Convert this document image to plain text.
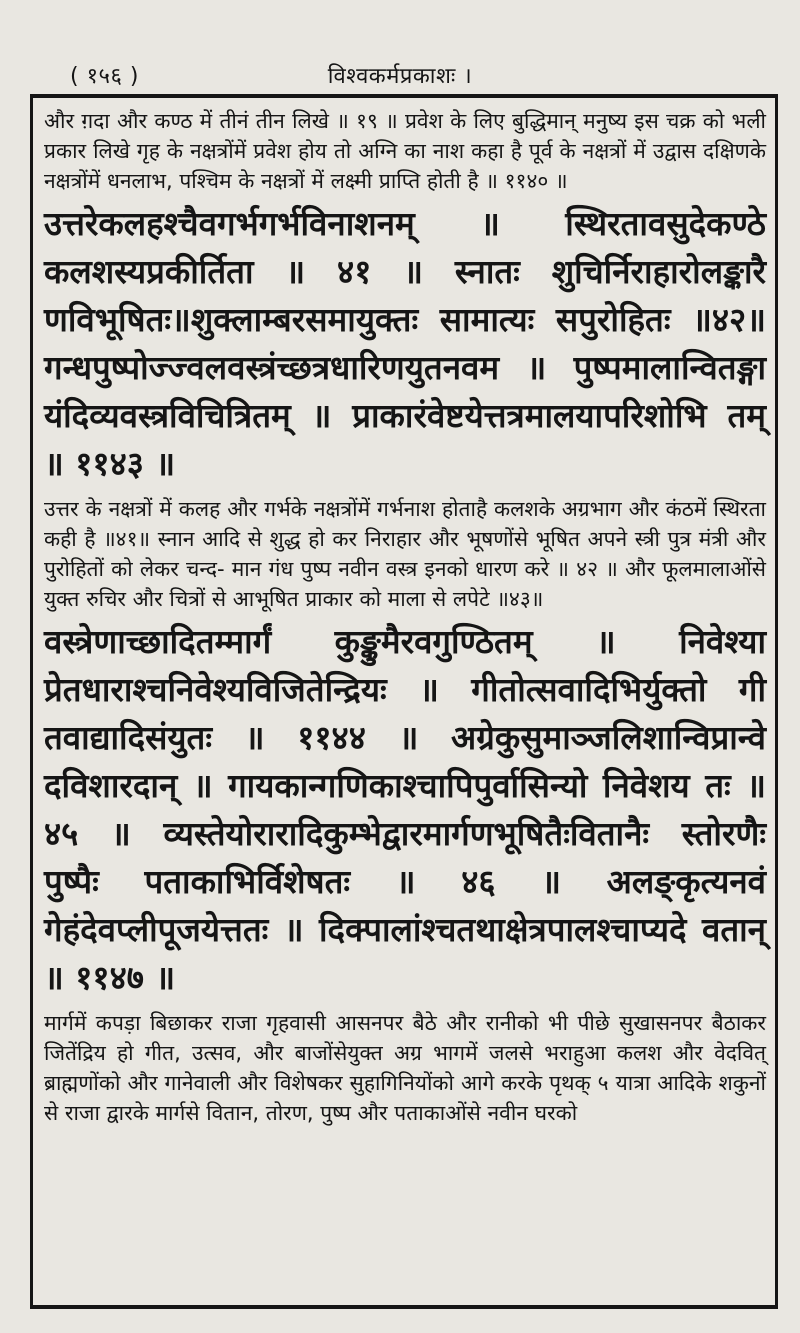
( १५६ )	विश्वकर्मप्रकाशः ।

और ग़दा और कण्ठ में तीनं तीन लिखे ॥ १९ ॥ प्रवेश के लिए बुद्धिमान् मनुष्य इस चक्र को भली प्रकार लिखे गृह के नक्षत्रोंमें प्रवेश होय तो अग्नि का नाश कहा है पूर्व के नक्षत्रों में उद्वास दक्षिणके नक्षत्रोंमें धनलाभ, पश्चिम के नक्षत्रों में लक्ष्मी प्राप्ति होती है ॥ ११४० ॥

उत्तरेकलहश्चैवगर्भगर्भविनाशनम् ॥ स्थिरतावसुदेकण्ठे कलशस्यप्रकीर्तिता ॥ ४१ ॥ स्नातः शुचिर्निराहारोलङ्कारै णविभूषितः॥शुक्लाम्बरसमायुक्तः सामात्यः सपुरोहितः ॥४२॥ गन्धपुष्पोज्ज्वलवस्त्रंच्छत्रधारिणयुतनवम ॥ पुष्पमालान्वितङ्गा यंदिव्यवस्त्रविचित्रितम् ॥ प्राकारंवेष्टयेत्तत्रमालयापरिशोभि तम् ॥ ११४३ ॥

उत्तर के नक्षत्रों में कलह और गर्भके नक्षत्रोंमें गर्भनाश होताहै कलशके अग्रभाग और कंठमें स्थिरता कही है ॥४१॥ स्नान आदि से शुद्ध हो कर निराहार और भूषणोंसे भूषित अपने स्त्री पुत्र मंत्री और पुरोहितों को लेकर चन्द- मान गंध पुष्प नवीन वस्त्र इनको धारण करे ॥ ४२ ॥ और फूलमालाओंसे युक्त रुचिर और चित्रों से आभूषित प्राकार को माला से लपेटे ॥४३॥

वस्त्रेणाच्छादितम्मार्गं कुङ्कुमैरवगुण्ठितम् ॥ निवेश्या प्रेतधाराश्चनिवेश्यविजितेन्द्रियः ॥ गीतोत्सवादिभिर्युक्तो गी तवाद्यादिसंयुतः ॥ ११४४ ॥ अग्रेकुसुमाञ्जलिशान्विप्रान्वे दविशारदान् ॥ गायकान्गणिकाश्चापिपुर्वासिन्यो निवेशय तः ॥ ४५ ॥ व्यस्तेयोरारादिकुम्भेद्वारमार्गणभूषितैःवितानैः स्तोरणैः पुष्पैः पताकाभिर्विशेषतः ॥ ४६ ॥ अलङ्कृत्यनवं गेहंदेवप्लीपूजयेत्ततः ॥ दिक्पालांश्चतथाक्षेत्रपालश्चाप्यदे वतान् ॥ ११४७ ॥

मार्गमें कपड़ा बिछाकर राजा गृहवासी आसनपर बैठे और रानीको भी पीछे सुखासनपर बैठाकर जितेंद्रिय हो गीत, उत्सव, और बाजोंसेयुक्त अग्र भागमें जलसे भराहुआ कलश और वेदवित् ब्राह्मणोंको और गानेवाली और विशेषकर सुहागिनियोंको आगे करके पृथक् ५ यात्रा आदिके शकुनों से राजा द्वारके मार्गसे वितान, तोरण, पुष्प और पताकाओंसे नवीन घरको
